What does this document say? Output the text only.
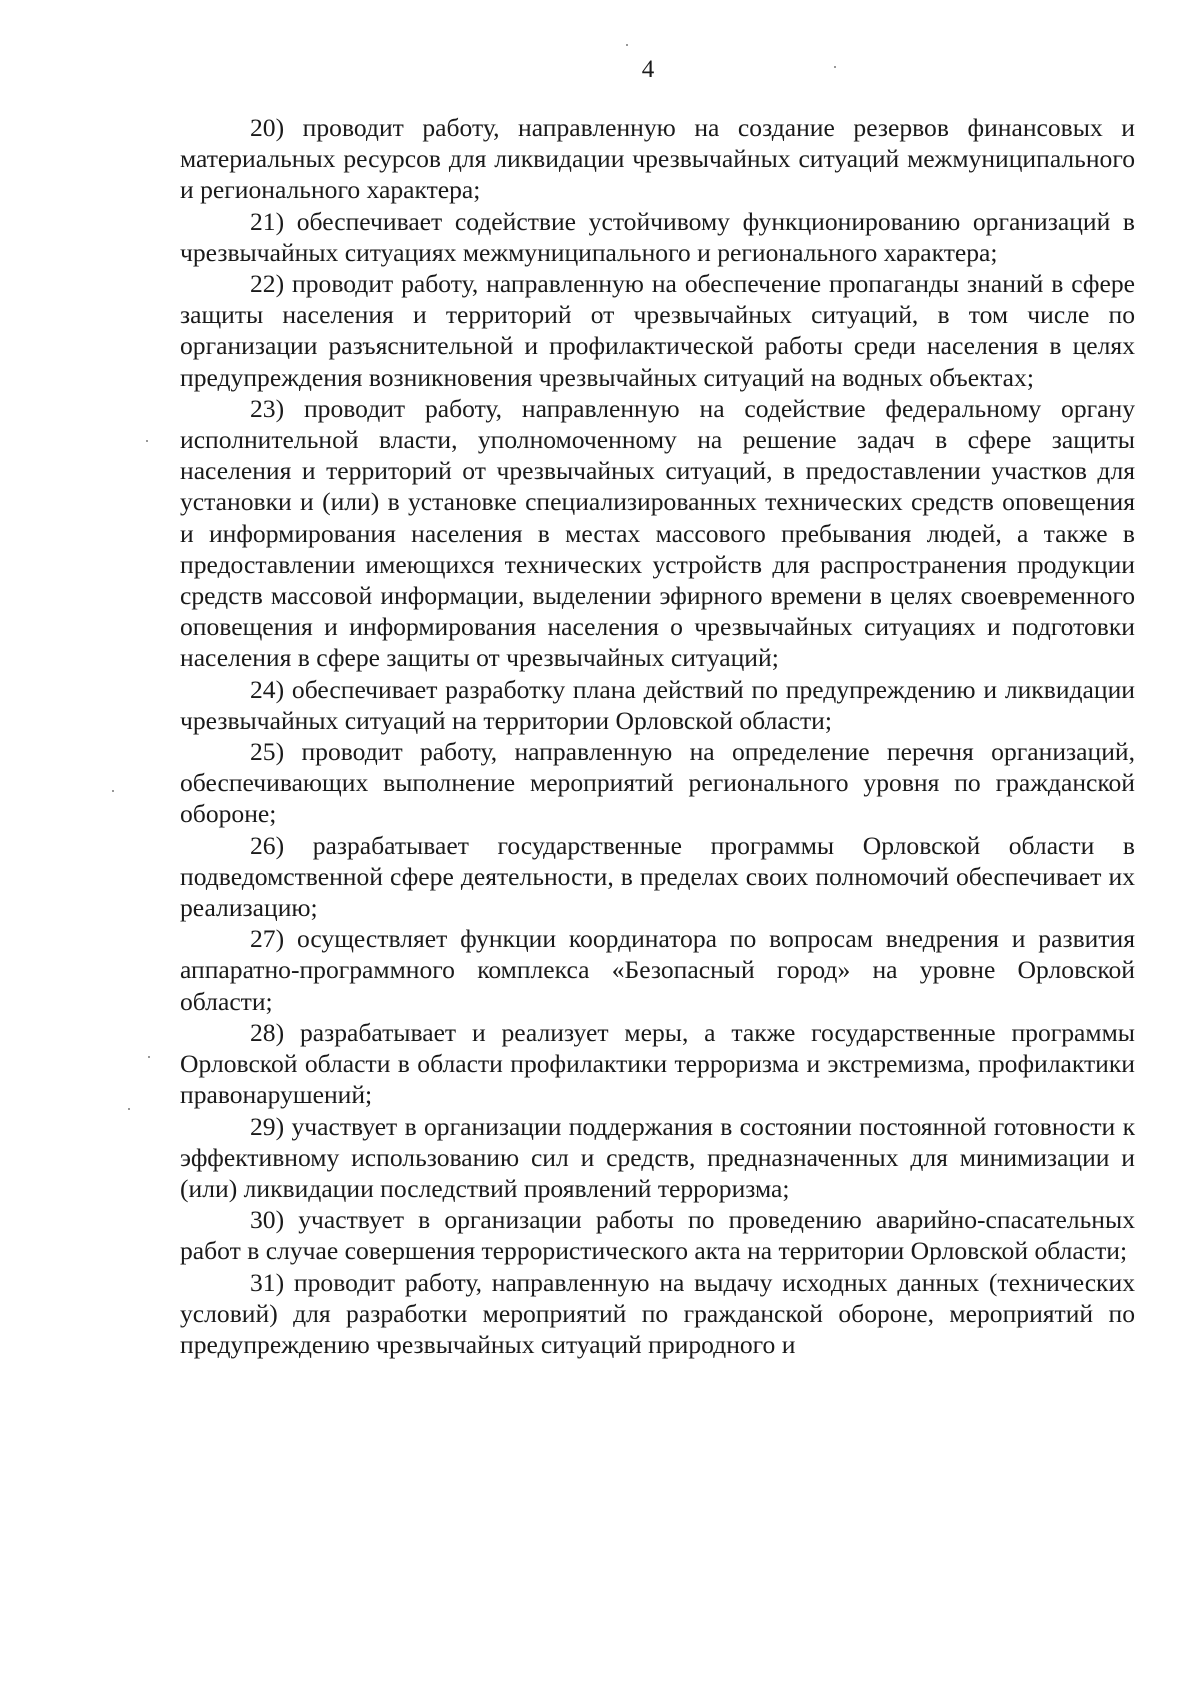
4

20) проводит работу, направленную на создание резервов финансовых и материальных ресурсов для ликвидации чрезвычайных ситуаций межмуниципального и регионального характера;

21) обеспечивает содействие устойчивому функционированию организаций в чрезвычайных ситуациях межмуниципального и регионального характера;

22) проводит работу, направленную на обеспечение пропаганды знаний в сфере защиты населения и территорий от чрезвычайных ситуаций, в том числе по организации разъяснительной и профилактической работы среди населения в целях предупреждения возникновения чрезвычайных ситуаций на водных объектах;

23) проводит работу, направленную на содействие федеральному органу исполнительной власти, уполномоченному на решение задач в сфере защиты населения и территорий от чрезвычайных ситуаций, в предоставлении участков для установки и (или) в установке специализированных технических средств оповещения и информирования населения в местах массового пребывания людей, а также в предоставлении имеющихся технических устройств для распространения продукции средств массовой информации, выделении эфирного времени в целях своевременного оповещения и информирования населения о чрезвычайных ситуациях и подготовки населения в сфере защиты от чрезвычайных ситуаций;

24) обеспечивает разработку плана действий по предупреждению и ликвидации чрезвычайных ситуаций на территории Орловской области;

25) проводит работу, направленную на определение перечня организаций, обеспечивающих выполнение мероприятий регионального уровня по гражданской обороне;

26) разрабатывает государственные программы Орловской области в подведомственной сфере деятельности, в пределах своих полномочий обеспечивает их реализацию;

27) осуществляет функции координатора по вопросам внедрения и развития аппаратно-программного комплекса «Безопасный город» на уровне Орловской области;

28) разрабатывает и реализует меры, а также государственные программы Орловской области в области профилактики терроризма и экстремизма, профилактики правонарушений;

29) участвует в организации поддержания в состоянии постоянной готовности к эффективному использованию сил и средств, предназначенных для минимизации и (или) ликвидации последствий проявлений терроризма;

30) участвует в организации работы по проведению аварийно-спасательных работ в случае совершения террористического акта на территории Орловской области;

31) проводит работу, направленную на выдачу исходных данных (технических условий) для разработки мероприятий по гражданской обороне, мероприятий по предупреждению чрезвычайных ситуаций природного и
